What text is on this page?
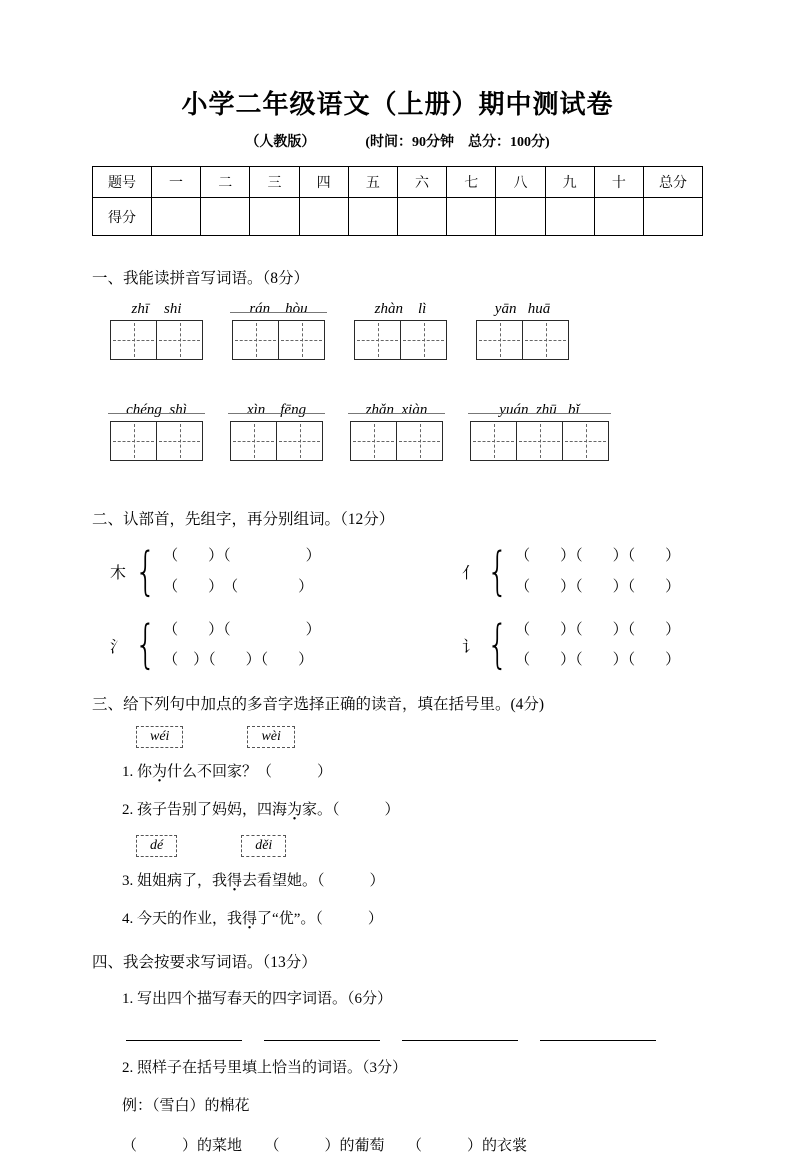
小学二年级语文（上册）期中测试卷
（人教版）	(时间：90分钟　总分：100分)
题号	一	二	三	四	五	六	七	八	九	十	总分
得分											
一、我能读拼音写词语。（8分）
zhī    shi	rán    hòu	zhàn    lì	yān   huā
chéng  shì	xìn    fēng	zhǎn  xiàn	yuán  zhū   bǐ
二、认部首，先组字，再分别组词。（12分）
木 { （　　）（　　　　　）
（　　）　（　　　　）
亻 { （　　）（　　）（　　）
（　　）（　　）（　　）
氵 { （　　）（　　　　　）
（　）（　　）（　　）
讠 { （　　）（　　）（　　）
（　　）（　　）（　　）
三、给下列句中加点的多音字选择正确的读音，填在括号里。(4分)
wéi	wèi
1. 你为什么不回家？（　　　）
2. 孩子告别了妈妈，四海为家。（　　　）
dé	děi
3. 姐姐病了，我得去看望她。（　　　）
4. 今天的作业，我得了“优”。（　　　）
四、我会按要求写词语。（13分）
1. 写出四个描写春天的四字词语。（6分）
2. 照样子在括号里填上恰当的词语。（3分）
例：（雪白）的棉花
（　　　）的菜地　　（　　　）的葡萄　　（　　　）的衣裳
